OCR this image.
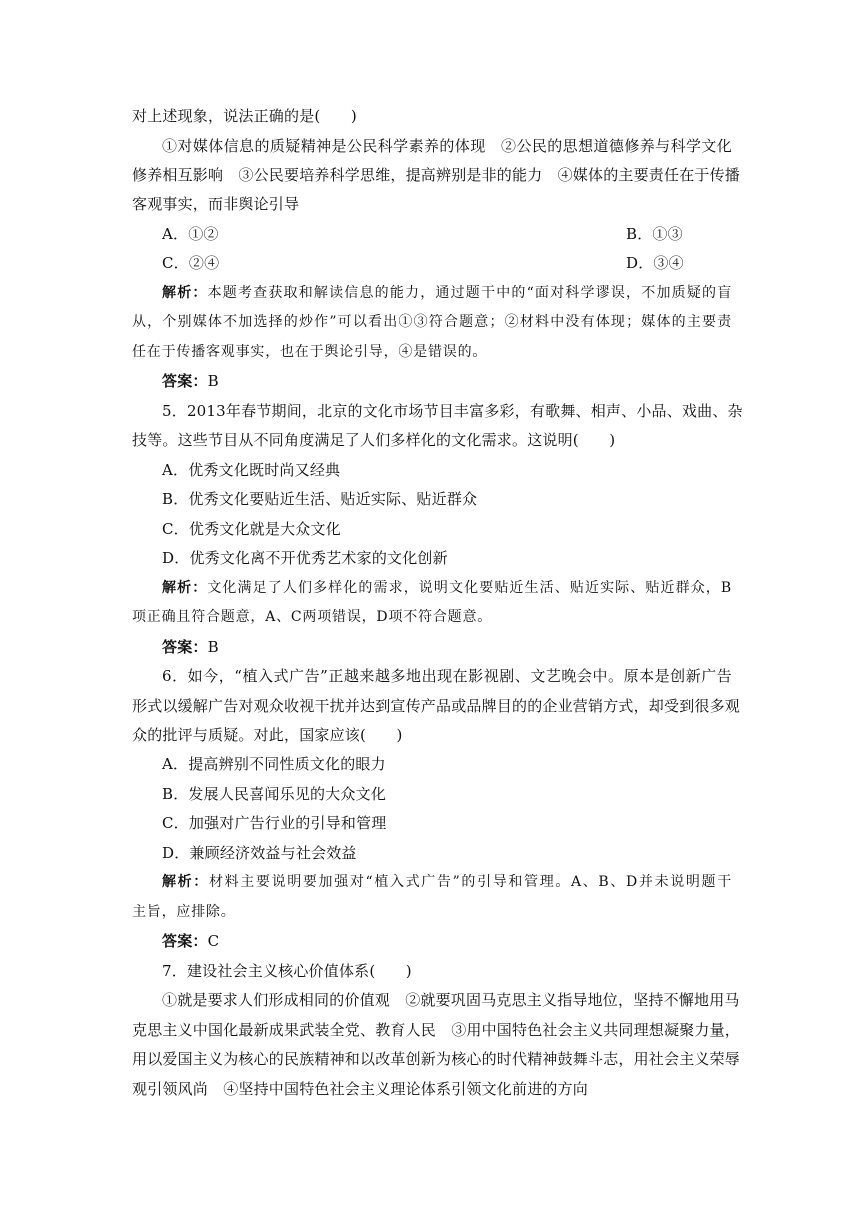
对上述现象，说法正确的是(　　)
①对媒体信息的质疑精神是公民科学素养的体现　②公民的思想道德修养与科学文化
修养相互影响　③公民要培养科学思维，提高辨别是非的能力　④媒体的主要责任在于传播
客观事实，而非舆论引导
A．①②	B．①③
C．②④	D．③④
解析：本题考查获取和解读信息的能力，通过题干中的“面对科学谬误，不加质疑的盲
从，个别媒体不加选择的炒作”可以看出①③符合题意；②材料中没有体现；媒体的主要责
任在于传播客观事实，也在于舆论引导，④是错误的。
答案：B
5．2013年春节期间，北京的文化市场节目丰富多彩，有歌舞、相声、小品、戏曲、杂
技等。这些节目从不同角度满足了人们多样化的文化需求。这说明(　　)
A．优秀文化既时尚又经典
B．优秀文化要贴近生活、贴近实际、贴近群众
C．优秀文化就是大众文化
D．优秀文化离不开优秀艺术家的文化创新
解析：文化满足了人们多样化的需求，说明文化要贴近生活、贴近实际、贴近群众，B
项正确且符合题意，A、C两项错误，D项不符合题意。
答案：B
6．如今，“植入式广告”正越来越多地出现在影视剧、文艺晚会中。原本是创新广告
形式以缓解广告对观众收视干扰并达到宣传产品或品牌目的的企业营销方式，却受到很多观
众的批评与质疑。对此，国家应该(　　)
A．提高辨别不同性质文化的眼力
B．发展人民喜闻乐见的大众文化
C．加强对广告行业的引导和管理
D．兼顾经济效益与社会效益
解析：材料主要说明要加强对“植入式广告”的引导和管理。A、B、D并未说明题干
主旨，应排除。
答案：C
7．建设社会主义核心价值体系(　　)
①就是要求人们形成相同的价值观　②就要巩固马克思主义指导地位，坚持不懈地用马
克思主义中国化最新成果武装全党、教育人民　③用中国特色社会主义共同理想凝聚力量，
用以爱国主义为核心的民族精神和以改革创新为核心的时代精神鼓舞斗志，用社会主义荣辱
观引领风尚　④坚持中国特色社会主义理论体系引领文化前进的方向
